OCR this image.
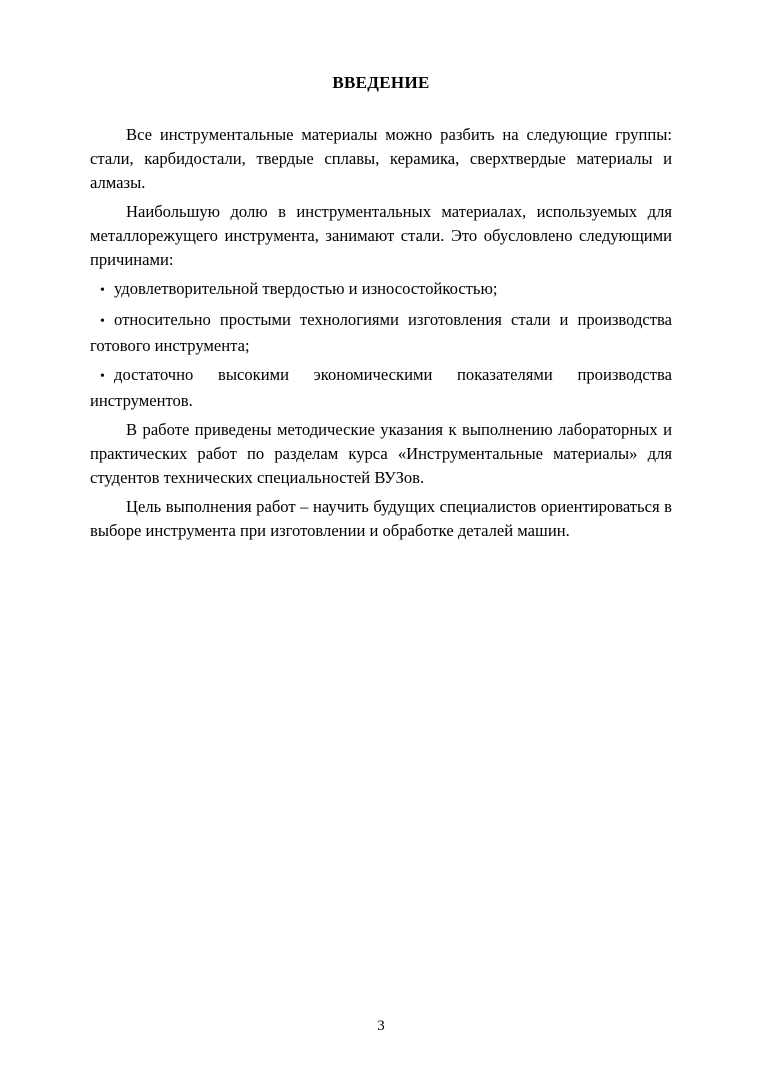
ВВЕДЕНИЕ

Все инструментальные материалы можно разбить на следующие группы: стали, карбидостали, твердые сплавы, керамика, сверхтвердые материалы и алмазы.

Наибольшую долю в инструментальных материалах, используемых для металлорежущего инструмента, занимают стали. Это обусловлено следующими причинами:

• удовлетворительной твердостью и износостойкостью;
• относительно простыми технологиями изготовления стали и производства готового инструмента;
• достаточно высокими экономическими показателями производства инструментов.

В работе приведены методические указания к выполнению лабораторных и практических работ по разделам курса «Инструментальные материалы» для студентов технических специальностей ВУЗов.

Цель выполнения работ – научить будущих специалистов ориентироваться в выборе инструмента при изготовлении и обработке деталей машин.

3
